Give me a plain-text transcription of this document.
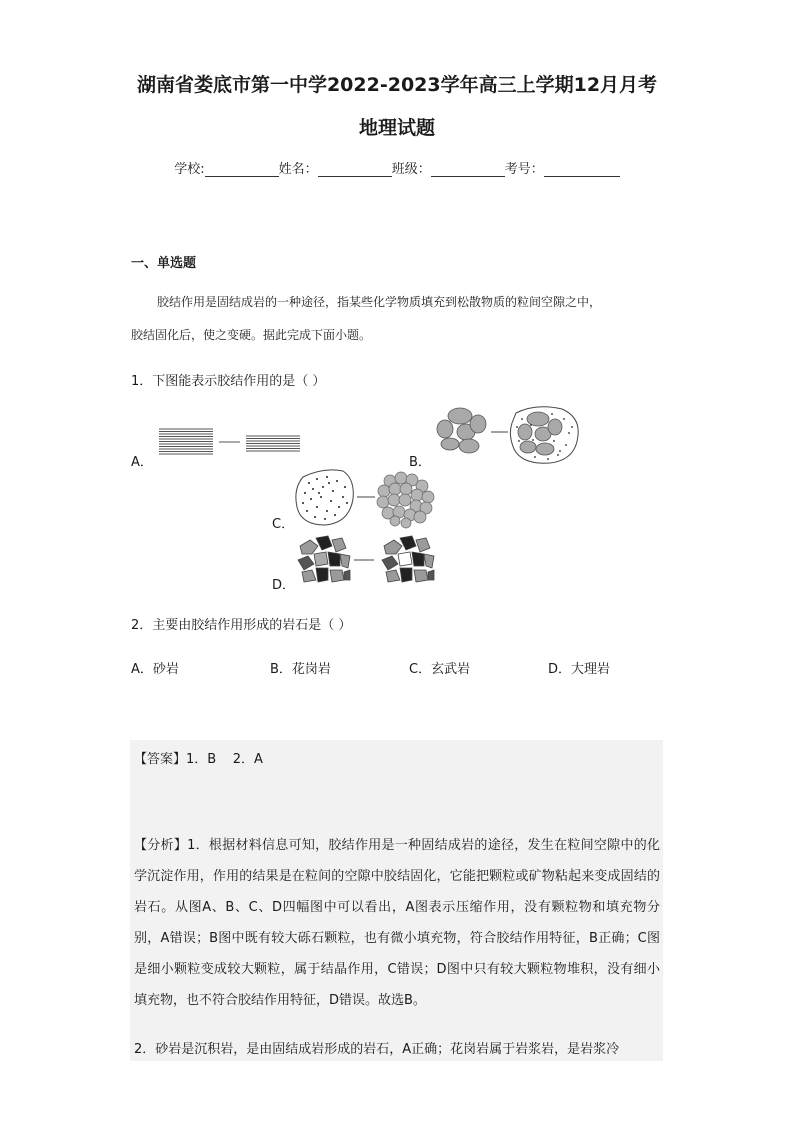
湖南省娄底市第一中学2022-2023学年高三上学期12月月考
地理试题
学校:	姓名：	班级：	考号：
一、单选题
胶结作用是固结成岩的一种途径，指某些化学物质填充到松散物质的粒间空隙之中，
胶结固化后，使之变硬。据此完成下面小题。
1．下图能表示胶结作用的是（ ）
A．	B．
C．
D．
2．主要由胶结作用形成的岩石是（ ）
A．砂岩	B．花岗岩	C．玄武岩	D．大理岩
【答案】1．B    2．A
【分析】1．根据材料信息可知，胶结作用是一种固结成岩的途径，发生在粒间空隙中的化学沉淀作用，作用的结果是在粒间的空隙中胶结固化，它能把颗粒或矿物粘起来变成固结的岩石。从图A、B、C、D四幅图中可以看出，A图表示压缩作用，没有颗粒物和填充物分别，A错误；B图中既有较大砾石颗粒，也有微小填充物，符合胶结作用特征，B正确；C图是细小颗粒变成较大颗粒，属于结晶作用，C错误；D图中只有较大颗粒物堆积，没有细小填充物，也不符合胶结作用特征，D错误。故选B。
2．砂岩是沉积岩，是由固结成岩形成的岩石，A正确；花岗岩属于岩浆岩，是岩浆冷
